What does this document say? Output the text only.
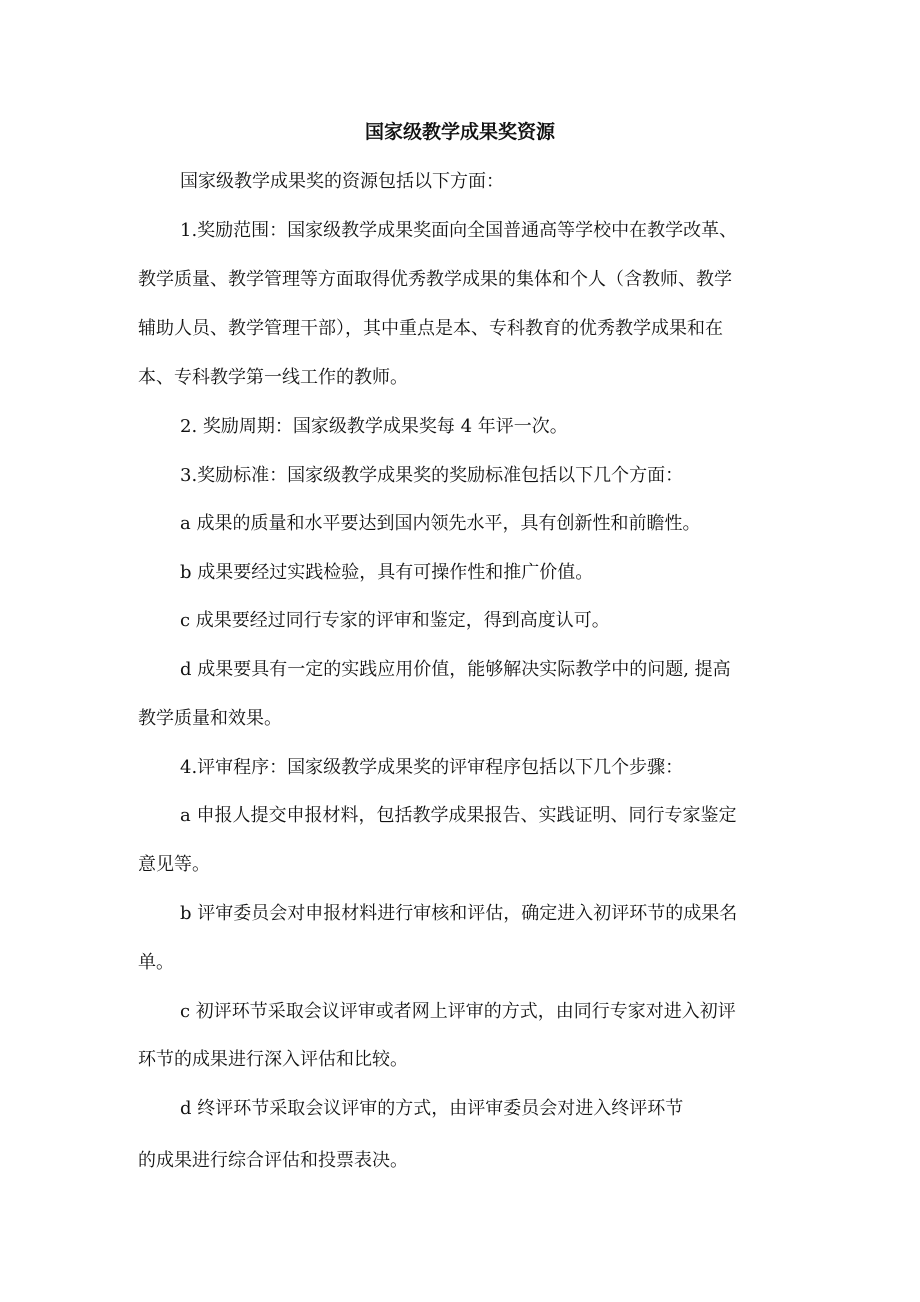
国家级教学成果奖资源

国家级教学成果奖的资源包括以下方面：

1.奖励范围：国家级教学成果奖面向全国普通高等学校中在教学改革、

教学质量、教学管理等方面取得优秀教学成果的集体和个人（含教师、教学

辅助人员、教学管理干部），其中重点是本、专科教育的优秀教学成果和在

本、专科教学第一线工作的教师。

2. 奖励周期：国家级教学成果奖每 4 年评一次。

3.奖励标准：国家级教学成果奖的奖励标准包括以下几个方面：

a 成果的质量和水平要达到国内领先水平，具有创新性和前瞻性。

b 成果要经过实践检验，具有可操作性和推广价值。

c 成果要经过同行专家的评审和鉴定，得到高度认可。

d 成果要具有一定的实践应用价值，能够解决实际教学中的问题, 提高

教学质量和效果。

4.评审程序：国家级教学成果奖的评审程序包括以下几个步骤：

a 申报人提交申报材料，包括教学成果报告、实践证明、同行专家鉴定

意见等。

b 评审委员会对申报材料进行审核和评估，确定进入初评环节的成果名

单。

c 初评环节采取会议评审或者网上评审的方式，由同行专家对进入初评

环节的成果进行深入评估和比较。

d 终评环节采取会议评审的方式，由评审委员会对进入终评环节

的成果进行综合评估和投票表决。
